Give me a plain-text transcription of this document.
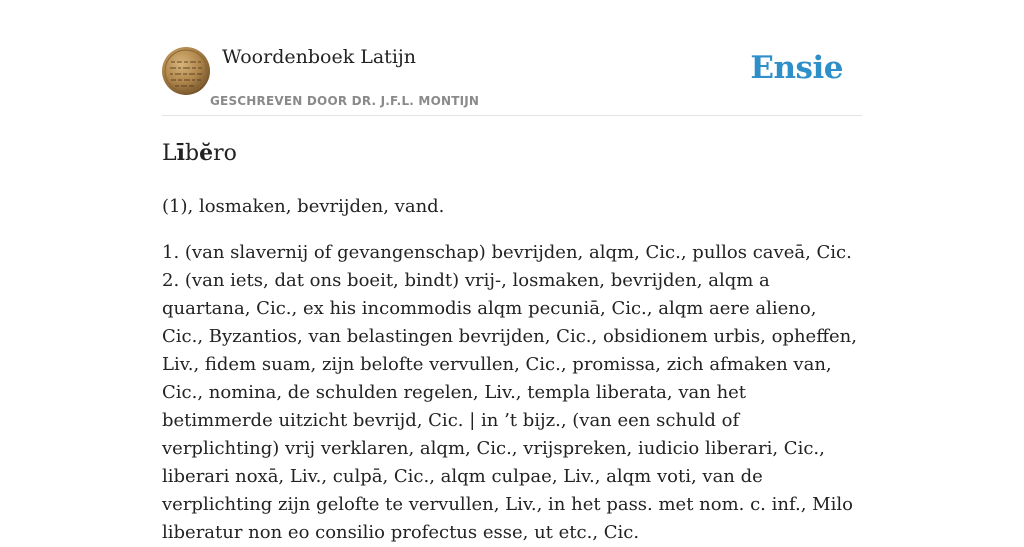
Woordenboek Latijn
GESCHREVEN DOOR DR. J.F.L. MONTIJN
Ensie
Lībĕro

(1), losmaken, bevrijden, vand.

1. (van slavernij of gevangenschap) bevrijden, alqm, Cic., pullos caveā, Cic.
2. (van iets, dat ons boeit, bindt) vrij-, losmaken, bevrijden, alqm a quartana, Cic., ex his incommodis alqm pecuniā, Cic., alqm aere alieno, Cic., Byzantios, van belastingen bevrijden, Cic., obsidionem urbis, opheffen, Liv., fidem suam, zijn belofte vervullen, Cic., promissa, zich afmaken van, Cic., nomina, de schulden regelen, Liv., templa liberata, van het betimmerde uitzicht bevrijd, Cic. | in ’t bijz., (van een schuld of verplichting) vrij verklaren, alqm, Cic., vrijspreken, iudicio liberari, Cic., liberari noxā, Liv., culpā, Cic., alqm culpae, Liv., alqm voti, van de verplichting zijn gelofte te vervullen, Liv., in het pass. met nom. c. inf., Milo liberatur non eo consilio profectus esse, ut etc., Cic.
